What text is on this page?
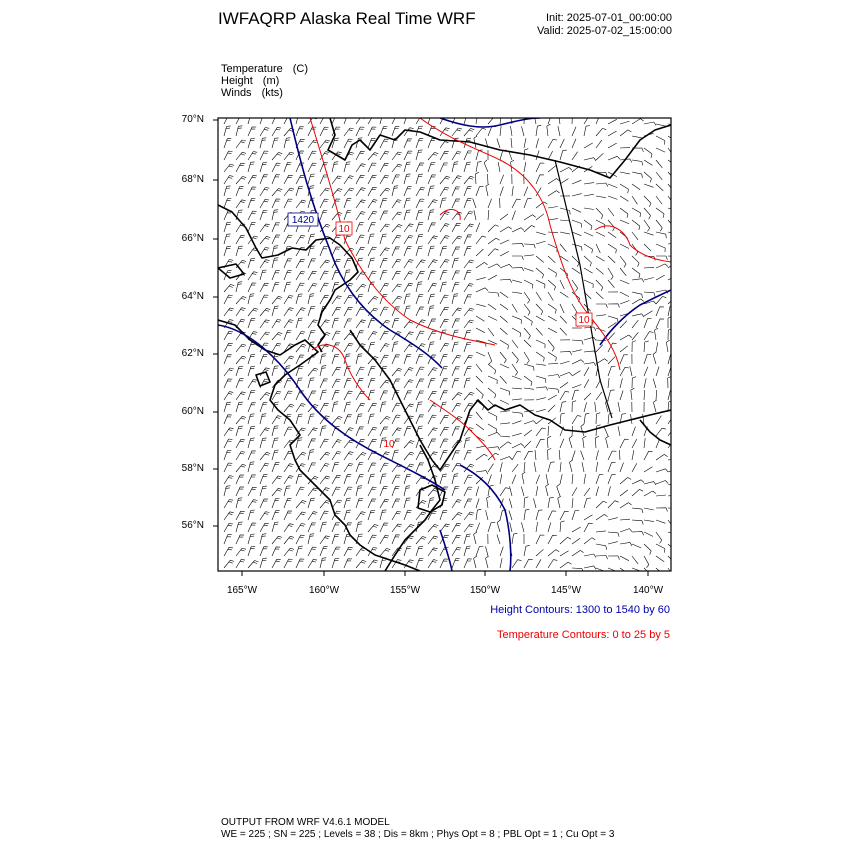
IWFAQRP Alaska Real Time WRF	Init: 2025-07-01_00:00:00
Valid: 2025-07-02_15:00:00
Temperature (C)
Height (m)
Winds (kts)
1420
10
10
10
70°N
68°N
66°N
64°N
62°N
60°N
58°N
56°N
165°W	160°W	155°W	150°W	145°W	140°W
Height Contours: 1300 to 1540 by 60
Temperature Contours: 0 to 25 by 5
OUTPUT FROM WRF V4.6.1 MODEL
WE = 225 ; SN = 225 ; Levels = 38 ; Dis = 8km ; Phys Opt = 8 ; PBL Opt = 1 ; Cu Opt = 3
